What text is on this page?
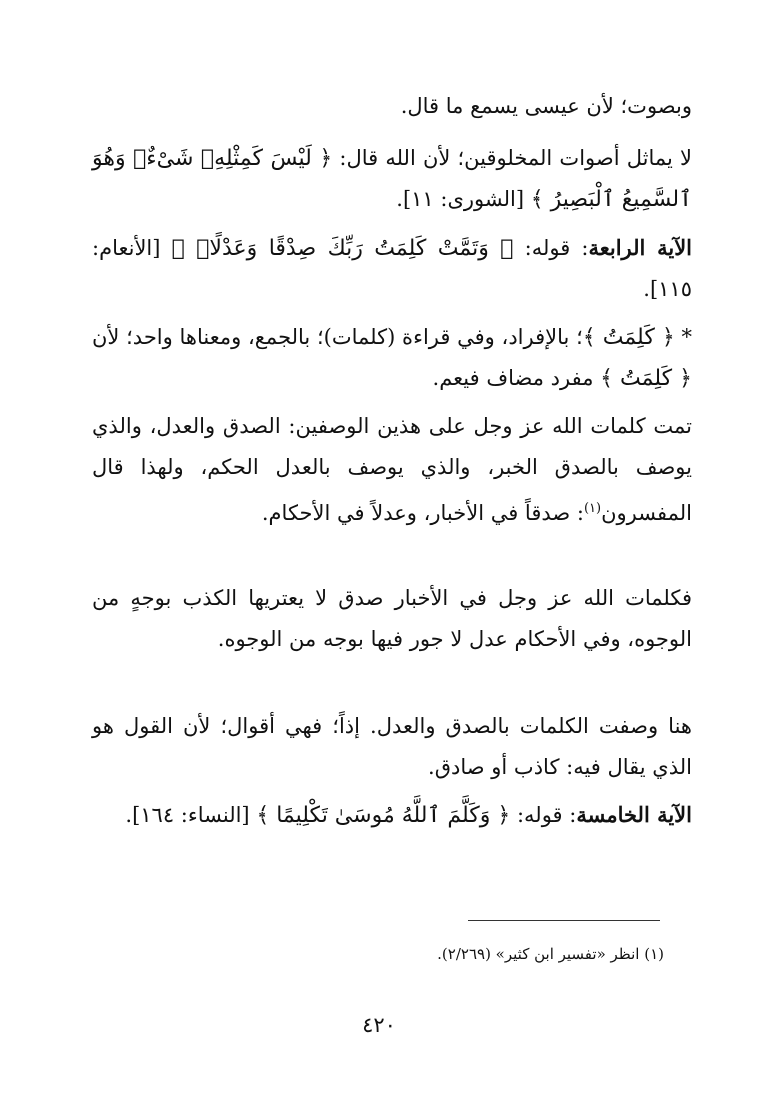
وبصوت؛ لأن عيسى يسمع ما قال.
لا يماثل أصوات المخلوقين؛ لأن الله قال: ﴿ لَيْسَ كَمِثْلِهِۦ شَىْءٌۖ وَهُوَ ٱلسَّمِيعُ ٱلْبَصِيرُ ﴾ [الشورى: ١١].
الآية الرابعة: قوله: ﴿ وَتَمَّتْ كَلِمَتُ رَبِّكَ صِدْقًا وَعَدْلًاۚ ﴾ [الأنعام: ١١٥].
* ﴿ كَلِمَتُ ﴾؛ بالإفراد، وفي قراءة (كلمات)؛ بالجمع، ومعناها واحد؛ لأن ﴿ كَلِمَتُ ﴾ مفرد مضاف فيعم.
تمت كلمات الله عز وجل على هذين الوصفين: الصدق والعدل، والذي يوصف بالصدق الخبر، والذي يوصف بالعدل الحكم، ولهذا قال المفسرون$^{(١)}$: صدقاً في الأخبار، وعدلاً في الأحكام.
فكلمات الله عز وجل في الأخبار صدق لا يعتريها الكذب بوجهٍ من الوجوه، وفي الأحكام عدل لا جور فيها بوجه من الوجوه.
هنا وصفت الكلمات بالصدق والعدل. إذاً؛ فهي أقوال؛ لأن القول هو الذي يقال فيه: كاذب أو صادق.
الآية الخامسة: قوله: ﴿ وَكَلَّمَ ٱللَّهُ مُوسَىٰ تَكْلِيمًا ﴾ [النساء: ١٦٤].
(١) انظر «تفسير ابن كثير» (٢/٢٦٩).
٤٢٠
